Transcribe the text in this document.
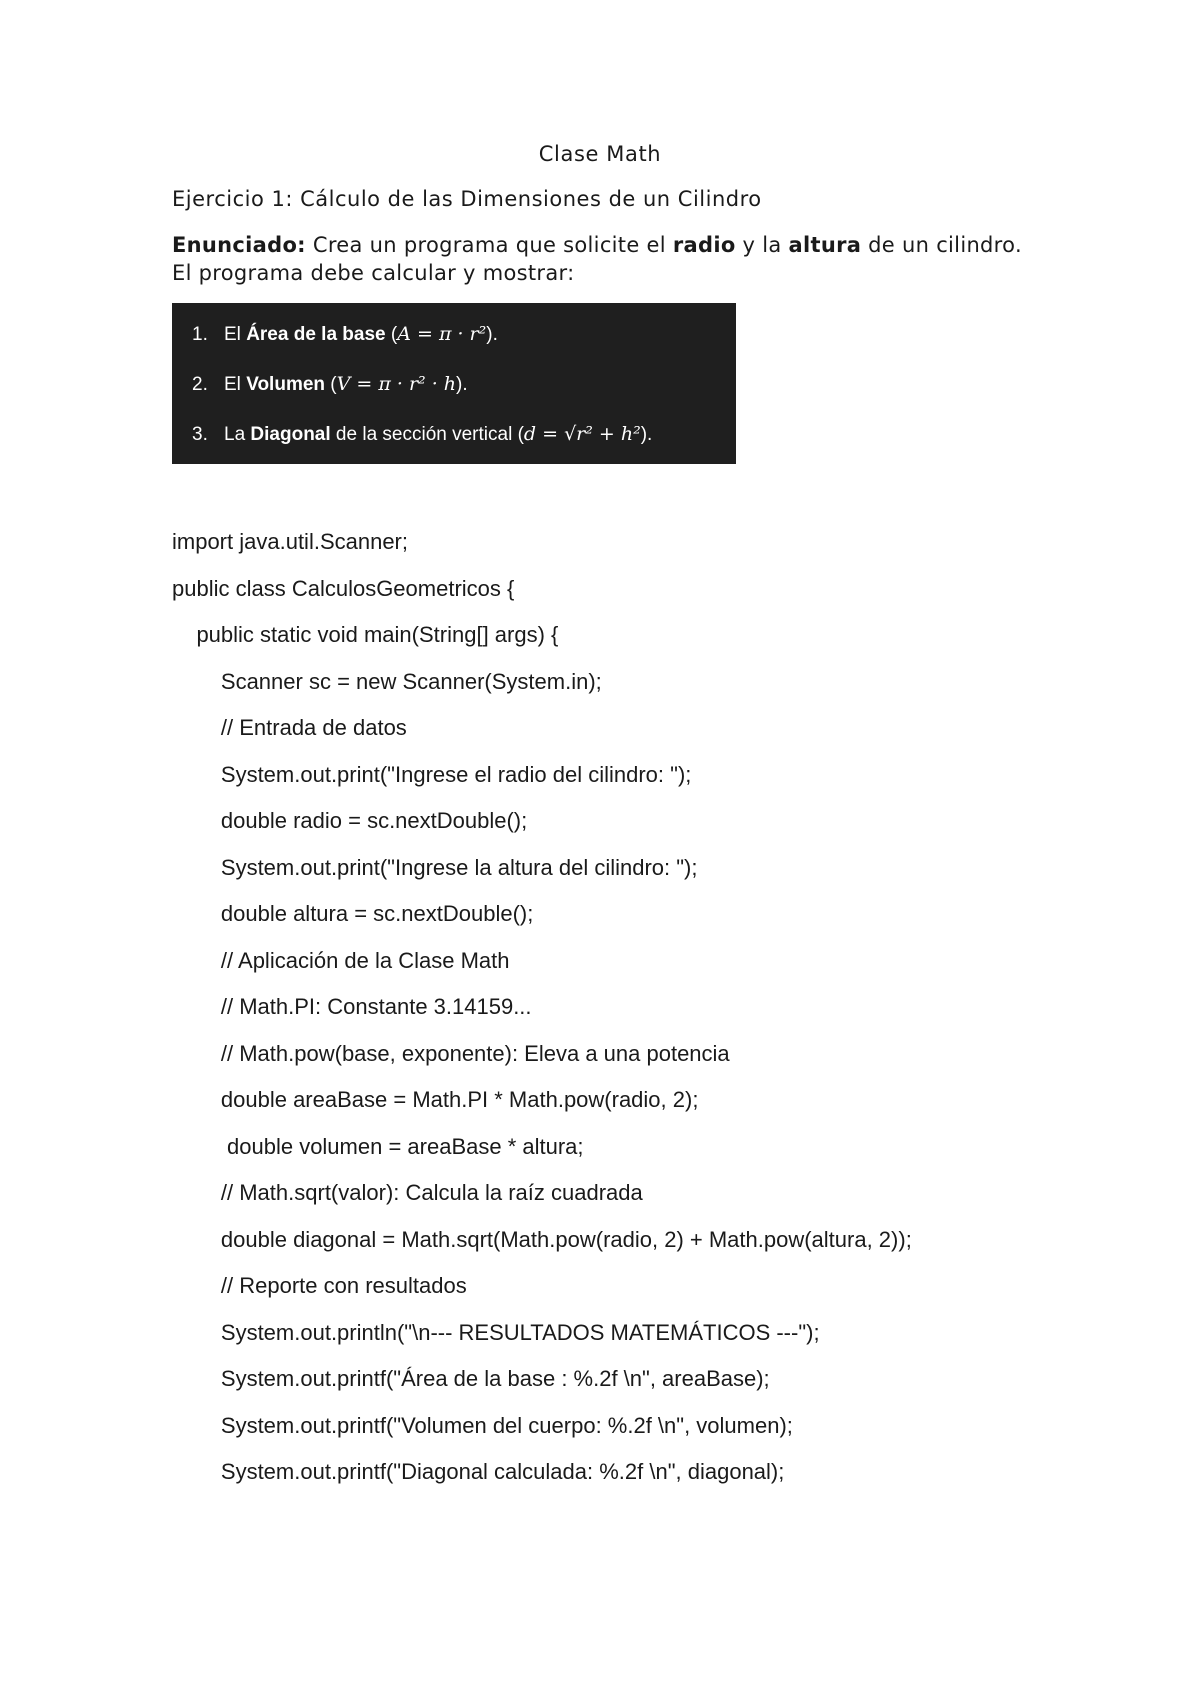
Clase Math
Ejercicio 1: Cálculo de las Dimensiones de un Cilindro
Enunciado: Crea un programa que solicite el radio y la altura de un cilindro. El programa debe calcular y mostrar:
1. El Área de la base (A = π · r²).
2. El Volumen (V = π · r² · h).
3. La Diagonal de la sección vertical (d = √r² + h²).
import java.util.Scanner;
public class CalculosGeometricos {
public static void main(String[] args) {
Scanner sc = new Scanner(System.in);
// Entrada de datos
System.out.print("Ingrese el radio del cilindro: ");
double radio = sc.nextDouble();
System.out.print("Ingrese la altura del cilindro: ");
double altura = sc.nextDouble();
// Aplicación de la Clase Math
// Math.PI: Constante 3.14159...
// Math.pow(base, exponente): Eleva a una potencia
double areaBase = Math.PI * Math.pow(radio, 2);
double volumen = areaBase * altura;
// Math.sqrt(valor): Calcula la raíz cuadrada
double diagonal = Math.sqrt(Math.pow(radio, 2) + Math.pow(altura, 2));
// Reporte con resultados
System.out.println("\n--- RESULTADOS MATEMÁTICOS ---");
System.out.printf("Área de la base : %.2f \n", areaBase);
System.out.printf("Volumen del cuerpo: %.2f \n", volumen);
System.out.printf("Diagonal calculada: %.2f \n", diagonal);
